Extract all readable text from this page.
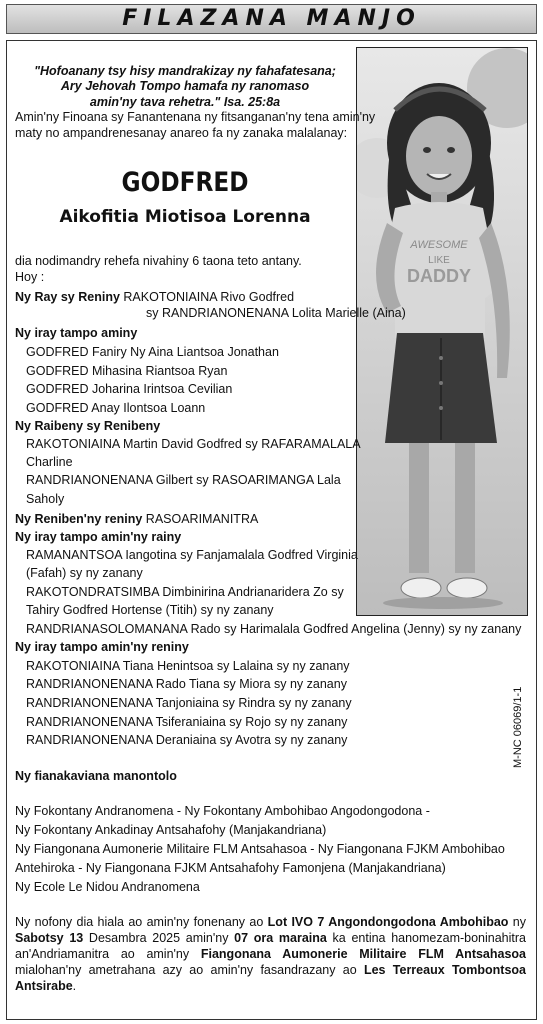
FILAZANA MANJO
AWESOME
LIKE
DADDY
"Hofoanany tsy hisy mandrakizay ny fahafatesana;
Ary Jehovah Tompo hamafa ny ranomaso
amin'ny tava rehetra." Isa. 25:8a
Amin'ny Finoana sy Fanantenana ny fitsanganan'ny tena amin'ny
maty no ampandrenesanay anareo fa ny zanaka malalanay:
GODFRED
Aikofitia Miotisoa Lorenna
dia nodimandry rehefa nivahiny 6 taona teto antany.
Hoy :
Ny Ray sy Reniny RAKOTONIAINA Rivo Godfred
sy RANDRIANONENANA Lolita Marielle (Aina)
Ny iray tampo aminy
GODFRED Faniry Ny Aina Liantsoa Jonathan
GODFRED Mihasina Riantsoa Ryan
GODFRED Joharina Irintsoa Cevilian
GODFRED Anay Ilontsoa Loann
Ny Raibeny sy Renibeny
RAKOTONIAINA Martin David Godfred sy RAFARAMALALA
Charline
RANDRIANONENANA Gilbert sy RASOARIMANGA Lala
Saholy
Ny Reniben'ny reniny RASOARIMANITRA
Ny iray tampo amin'ny rainy
RAMANANTSOA Iangotina sy Fanjamalala Godfred Virginia
(Fafah) sy ny zanany
RAKOTONDRATSIMBA Dimbinirina Andrianaridera Zo sy
Tahiry Godfred Hortense (Titih) sy ny zanany
RANDRIANASOLOMANANA Rado sy Harimalala Godfred Angelina (Jenny) sy ny zanany
Ny iray tampo amin'ny reniny
RAKOTONIAINA Tiana Henintsoa sy Lalaina sy ny zanany
RANDRIANONENANA Rado Tiana sy Miora sy ny zanany
RANDRIANONENANA Tanjoniaina sy Rindra sy ny zanany
RANDRIANONENANA Tsiferaniaina sy Rojo sy ny zanany
RANDRIANONENANA Deraniaina sy Avotra sy ny zanany
Ny fianakaviana manontolo
Ny Fokontany Andranomena - Ny Fokontany Ambohibao Angodongodona -
Ny Fokontany Ankadinay Antsahafohy (Manjakandriana)
Ny Fiangonana Aumonerie Militaire FLM Antsahasoa - Ny Fiangonana FJKM Ambohibao
Antehiroka - Ny Fiangonana FJKM Antsahafohy Famonjena (Manjakandriana)
Ny Ecole Le Nidou Andranomena
Ny nofony dia hiala ao amin'ny fonenany ao Lot IVO 7 Angondongodona Ambohibao ny Sabotsy 13 Desambra 2025 amin'ny 07 ora maraina ka entina hanomezam-boninahitra an'Andriamanitra ao amin'ny Fiangonana Aumonerie Militaire FLM Antsahasoa mialohan'ny ametrahana azy ao amin'ny fasandrazany ao Les Terreaux Tombontsoa Antsirabe.
M-NC 06069/1-1
